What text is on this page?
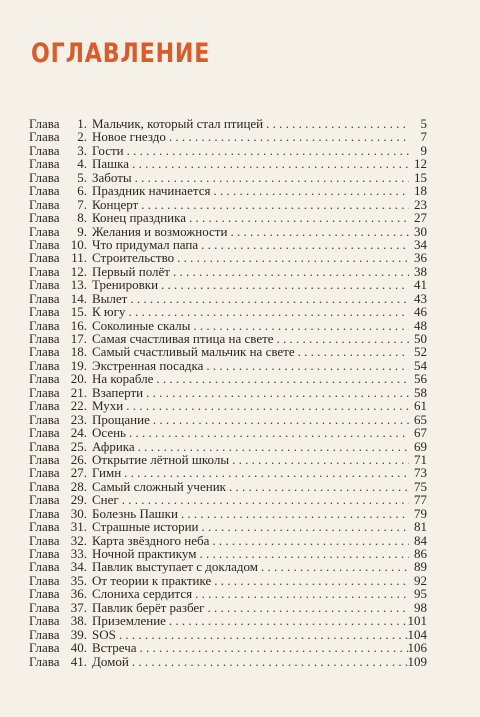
ОГЛАВЛЕНИЕ
Глава	1. Мальчик, который стал птицей . . .	5
Глава	2. Новое гнездо . . .	7
Глава	3. Гости . . .	9
Глава	4. Пашка . . .	12
Глава	5. Заботы . . .	15
Глава	6. Праздник начинается . . .	18
Глава	7. Концерт . . .	23
Глава	8. Конец праздника . . .	27
Глава	9. Желания и возможности . . .	30
Глава 10. Что придумал папа . . .	34
Глава 11. Строительство . . .	36
Глава 12. Первый полёт . . .	38
Глава 13. Тренировки . . .	41
Глава 14. Вылет . . .	43
Глава 15. К югу . . .	46
Глава 16. Соколиные скалы . . .	48
Глава 17. Самая счастливая птица на свете . . .	50
Глава 18. Самый счастливый мальчик на свете . . .	52
Глава 19. Экстренная посадка . . .	54
Глава 20. На корабле . . .	56
Глава 21. Взаперти . . .	58
Глава 22. Мухи . . .	61
Глава 23. Прощание . . .	65
Глава 24. Осень . . .	67
Глава 25. Африка . . .	69
Глава 26. Открытие лётной школы . . .	71
Глава 27. Гимн . . .	73
Глава 28. Самый сложный ученик . . .	75
Глава 29. Снег . . .	77
Глава 30. Болезнь Пашки . . .	79
Глава 31. Страшные истории . . .	81
Глава 32. Карта звёздного неба . . .	84
Глава 33. Ночной практикум . . .	86
Глава 34. Павлик выступает с докладом . . .	89
Глава 35. От теории к практике . . .	92
Глава 36. Слониха сердится . . .	95
Глава 37. Павлик берёт разбег . . .	98
Глава 38. Приземление . . .	101
Глава 39. SOS . . .	104
Глава 40. Встреча . . .	106
Глава 41. Домой . . .	109
